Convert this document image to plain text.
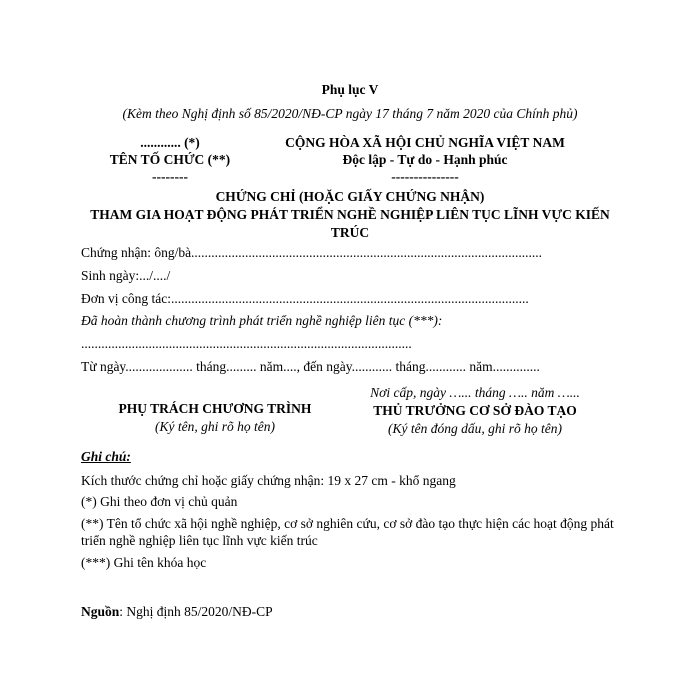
Phụ lục V
(Kèm theo Nghị định số 85/2020/NĐ-CP ngày 17 tháng 7 năm 2020 của Chính phủ)
............ (*)
TÊN TỐ CHỨC (**)
--------
CỘNG HÒA XÃ HỘI CHỦ NGHĨA VIỆT NAM
Độc lập - Tự do - Hạnh phúc
---------------
CHỨNG CHỈ (HOẶC GIẤY CHỨNG NHẬN)
THAM GIA HOẠT ĐỘNG PHÁT TRIỂN NGHỀ NGHIỆP LIÊN TỤC LĨNH VỰC KIẾN
TRÚC
Chứng nhận: ông/bà........................................................................................................
Sinh ngày:.../..../
Đơn vị công tác:..........................................................................................................
Đã hoàn thành chương trình phát triển nghề nghiệp liên tục (***):
..................................................................................................
Từ ngày.................... tháng......... năm...., đến ngày............ tháng............ năm..............
PHỤ TRÁCH CHƯƠNG TRÌNH
(Ký tên, ghi rõ họ tên)
Nơi cấp, ngày …... tháng ….. năm …...
THỦ TRƯỞNG CƠ SỞ ĐÀO TẠO
(Ký tên đóng dấu, ghi rõ họ tên)
Ghi chú:
Kích thước chứng chỉ hoặc giấy chứng nhận: 19 x 27 cm - khổ ngang
(*) Ghi theo đơn vị chủ quản
(**) Tên tổ chức xã hội nghề nghiệp, cơ sở nghiên cứu, cơ sở đào tạo thực hiện các hoạt động phát triển nghề nghiệp liên tục lĩnh vực kiến trúc
(***) Ghi tên khóa học
Nguồn: Nghị định 85/2020/NĐ-CP
